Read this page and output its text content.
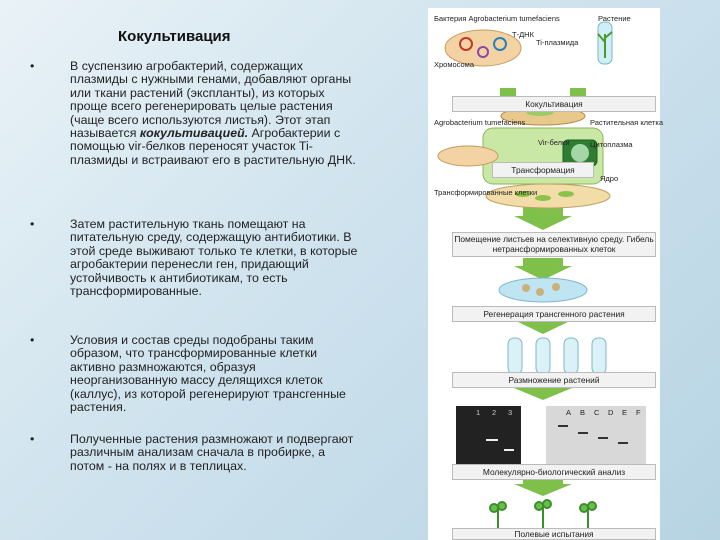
Кокультивация
•	В суспензию агробактерий, содержащих плазмиды с нужными генами, добавляют органы или ткани растений (экспланты), из которых проще всего регенерировать целые растения (чаще всего используются листья). Этот этап называется кокультивацией. Агробактерии с помощью vir-белков переносят участок Ti-плазмиды и встраивают его в растительную ДНК.
•	Затем растительную ткань помещают на питательную среду, содержащую антибиотики. В этой среде выживают только те клетки, в которые агробактерии перенесли ген, придающий устойчивость к антибиотикам, то есть трансформированные.
•	Условия и состав среды подобраны таким образом, что трансформированные клетки активно размножаются, образуя неорганизованную массу делящихся клеток (каллус), из которой регенерируют трансгенные растения.
•	Полученные растения размножают и подвергают различным анализам сначала в пробирке, а потом - на полях и в теплицах.
Бактерия Agrobacterium tumefaciens
Т-ДНК
Ti-плазмида
Хромосома
Растение
Кокультивация
Agrobacterium tumefaciens	Растительная клетка
Vir-белки	Цитоплазма
Ядро
Трансформация
Трансформированные клетки
Помещение листьев на селективную среду. Гибель нетрансформированных клеток
Регенерация трансгенного растения
Размножение растений
Молекулярно-биологический анализ
Полевые испытания
1 2 3	A B C D E F
